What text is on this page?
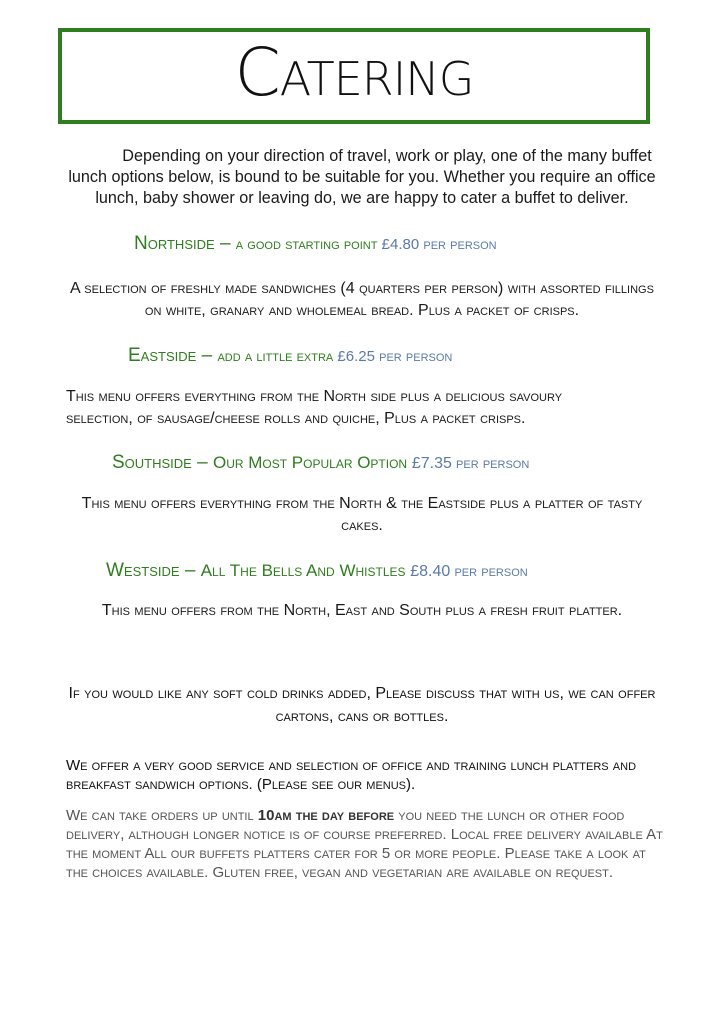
Catering
Depending on your direction of travel, work or play, one of the many buffet lunch options below, is bound to be suitable for you. Whether you require an office lunch, baby shower or leaving do, we are happy to cater a buffet to deliver.
Northside – a good starting point £4.80 per person
A selection of freshly made sandwiches (4 quarters per person) with assorted fillings on white, granary and wholemeal bread. Plus a packet of crisps.
Eastside – add a little extra £6.25 per person
This menu offers everything from the North side plus a delicious savoury selection, of sausage/cheese rolls and quiche, Plus a packet crisps.
Southside – Our Most Popular Option £7.35 per person
This menu offers everything from the North & the Eastside plus a platter of tasty cakes.
Westside – All The Bells And Whistles £8.40 per person
This menu offers from the North, East and South plus a fresh fruit platter.
If you would like any soft cold drinks added, Please discuss that with us, we can offer cartons, cans or bottles.
We offer a very good service and selection of office and training lunch platters and breakfast sandwich options. (Please see our menus).
We can take orders up until 10am the day before you need the lunch or other food delivery, although longer notice is of course preferred. Local free delivery available At the moment All our buffets platters cater for 5 or more people. Please take a look at the choices available. Gluten free, vegan and vegetarian are available on request.
